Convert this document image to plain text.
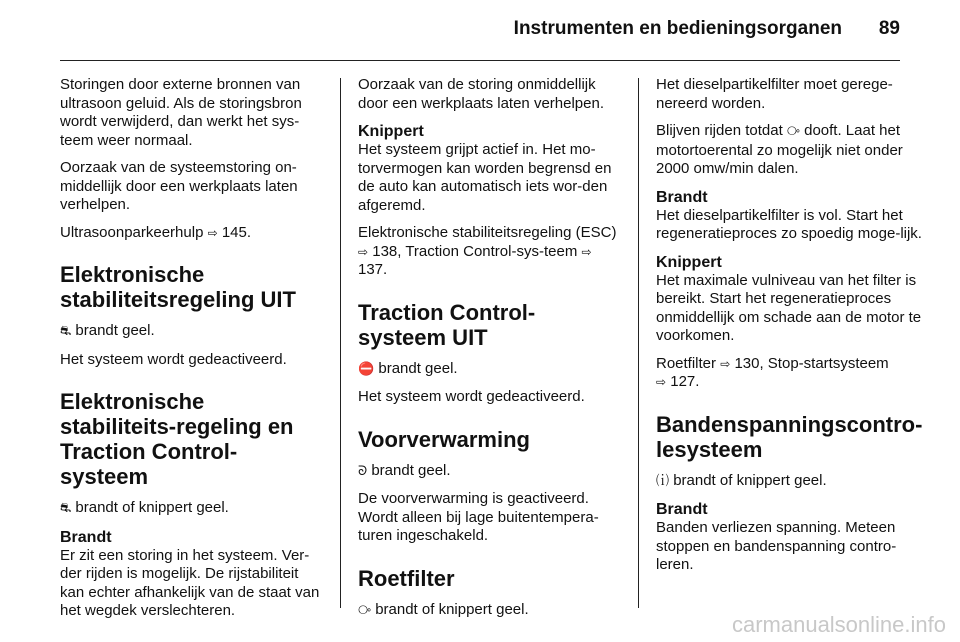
Instrumenten en bedieningsorganen 89

Storingen door externe bronnen van ultrasoon geluid. Als de storingsbron wordt verwijderd, dan werkt het sys-teem weer normaal.

Oorzaak van de systeemstoring on-middellijk door een werkplaats laten verhelpen.

Ultrasoonparkeerhulp ⇨ 145.

Elektronische stabiliteitsregeling UIT

⛐ brandt geel.

Het systeem wordt gedeactiveerd.

Elektronische stabiliteits-regeling en Traction Control-systeem

⛐ brandt of knippert geel.

Brandt
Er zit een storing in het systeem. Ver-der rijden is mogelijk. De rijstabiliteit kan echter afhankelijk van de staat van het wegdek verslechteren.

Oorzaak van de storing onmiddellijk door een werkplaats laten verhelpen.

Knippert
Het systeem grijpt actief in. Het mo-torvermogen kan worden begrensd en de auto kan automatisch iets wor-den afgeremd.

Elektronische stabiliteitsregeling (ESC) ⇨ 138, Traction Control-sys-teem ⇨ 137.

Traction Control-systeem UIT

⛔ brandt geel.

Het systeem wordt gedeactiveerd.

Voorverwarming

ᘐ brandt geel.

De voorverwarming is geactiveerd. Wordt alleen bij lage buitentempera-turen ingeschakeld.

Roetfilter

⧂ brandt of knippert geel.

Het dieselpartikelfilter moet gerege-nereerd worden.

Blijven rijden totdat ⧂ dooft. Laat het motortoerental zo mogelijk niet onder 2000 omw/min dalen.

Brandt
Het dieselpartikelfilter is vol. Start het regeneratieproces zo spoedig moge-lijk.
Knippert
Het maximale vulniveau van het filter is bereikt. Start het regeneratieproces onmiddellijk om schade aan de motor te voorkomen.

Roetfilter ⇨ 130, Stop-startsysteem
⇨ 127.

Bandenspanningscontro-lesysteem

⒤ brandt of knippert geel.

Brandt
Banden verliezen spanning. Meteen stoppen en bandenspanning contro-leren.
carmanualsonline.info
